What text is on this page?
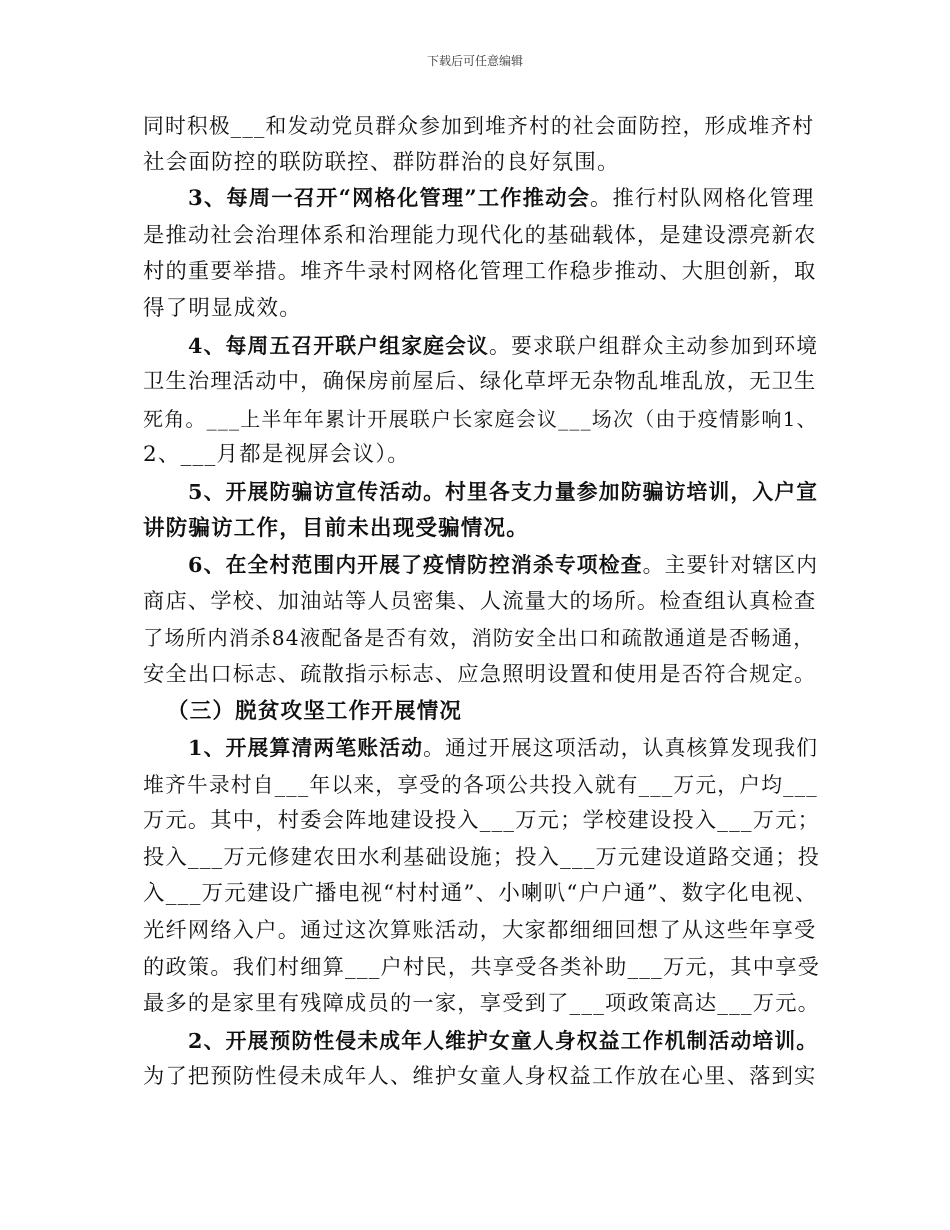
下载后可任意编辑
同时积极___和发动党员群众参加到堆齐村的社会面防控，形成堆齐村
社会面防控的联防联控、群防群治的良好氛围。
3、每周一召开“网格化管理”工作推动会。推行村队网格化管理
是推动社会治理体系和治理能力现代化的基础载体，是建设漂亮新农
村的重要举措。堆齐牛录村网格化管理工作稳步推动、大胆创新，取
得了明显成效。
4、每周五召开联户组家庭会议。要求联户组群众主动参加到环境
卫生治理活动中，确保房前屋后、绿化草坪无杂物乱堆乱放，无卫生
死角。___上半年年累计开展联户长家庭会议___场次（由于疫情影响1、
2、___月都是视屏会议）。
5、开展防骗访宣传活动。村里各支力量参加防骗访培训，入户宣
讲防骗访工作，目前未出现受骗情况。
6、在全村范围内开展了疫情防控消杀专项检查。主要针对辖区内
商店、学校、加油站等人员密集、人流量大的场所。检查组认真检查
了场所内消杀84液配备是否有效，消防安全出口和疏散通道是否畅通，
安全出口标志、疏散指示标志、应急照明设置和使用是否符合规定。
（三）脱贫攻坚工作开展情况
1、开展算清两笔账活动。通过开展这项活动，认真核算发现我们
堆齐牛录村自___年以来，享受的各项公共投入就有___万元，户均___
万元。其中，村委会阵地建设投入___万元；学校建设投入___万元；
投入___万元修建农田水利基础设施；投入___万元建设道路交通；投
入___万元建设广播电视“村村通”、小喇叭“户户通”、数字化电视、
光纤网络入户。通过这次算账活动，大家都细细回想了从这些年享受
的政策。我们村细算___户村民，共享受各类补助___万元，其中享受
最多的是家里有残障成员的一家，享受到了___项政策高达___万元。
2、开展预防性侵未成年人维护女童人身权益工作机制活动培训。
为了把预防性侵未成年人、维护女童人身权益工作放在心里、落到实
